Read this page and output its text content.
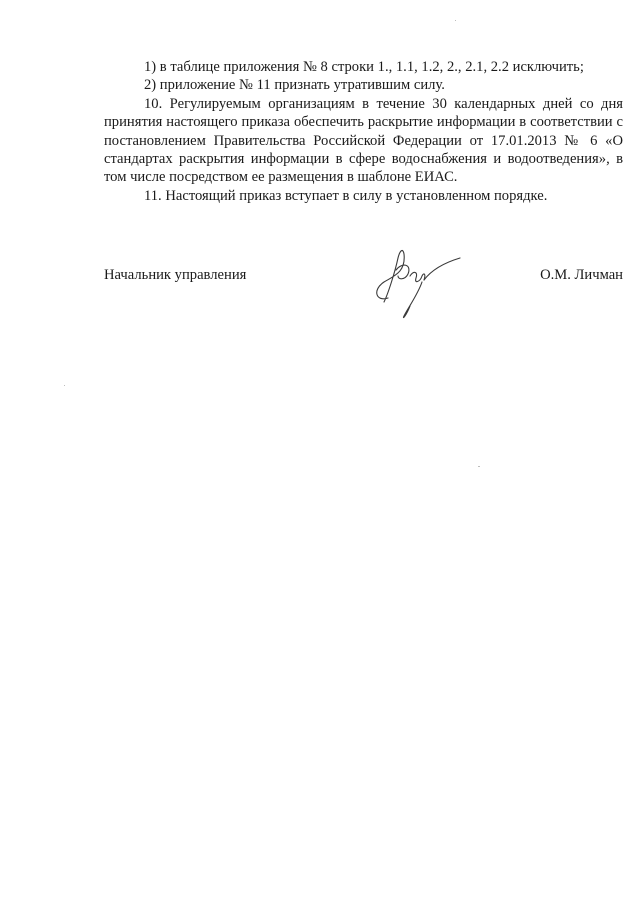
1) в таблице приложения № 8 строки 1., 1.1, 1.2, 2., 2.1, 2.2 исключить;

2) приложение № 11 признать утратившим силу.

10. Регулируемым организациям в течение 30 календарных дней со дня принятия настоящего приказа обеспечить раскрытие информации в соответствии с постановлением Правительства Российской Федерации от 17.01.2013 № 6 «О стандартах раскрытия информации в сфере водоснабжения и водоотведения», в том числе посредством ее размещения в шаблоне ЕИАС.

11. Настоящий приказ вступает в силу в установленном порядке.

Начальник управления	О.М. Личман
